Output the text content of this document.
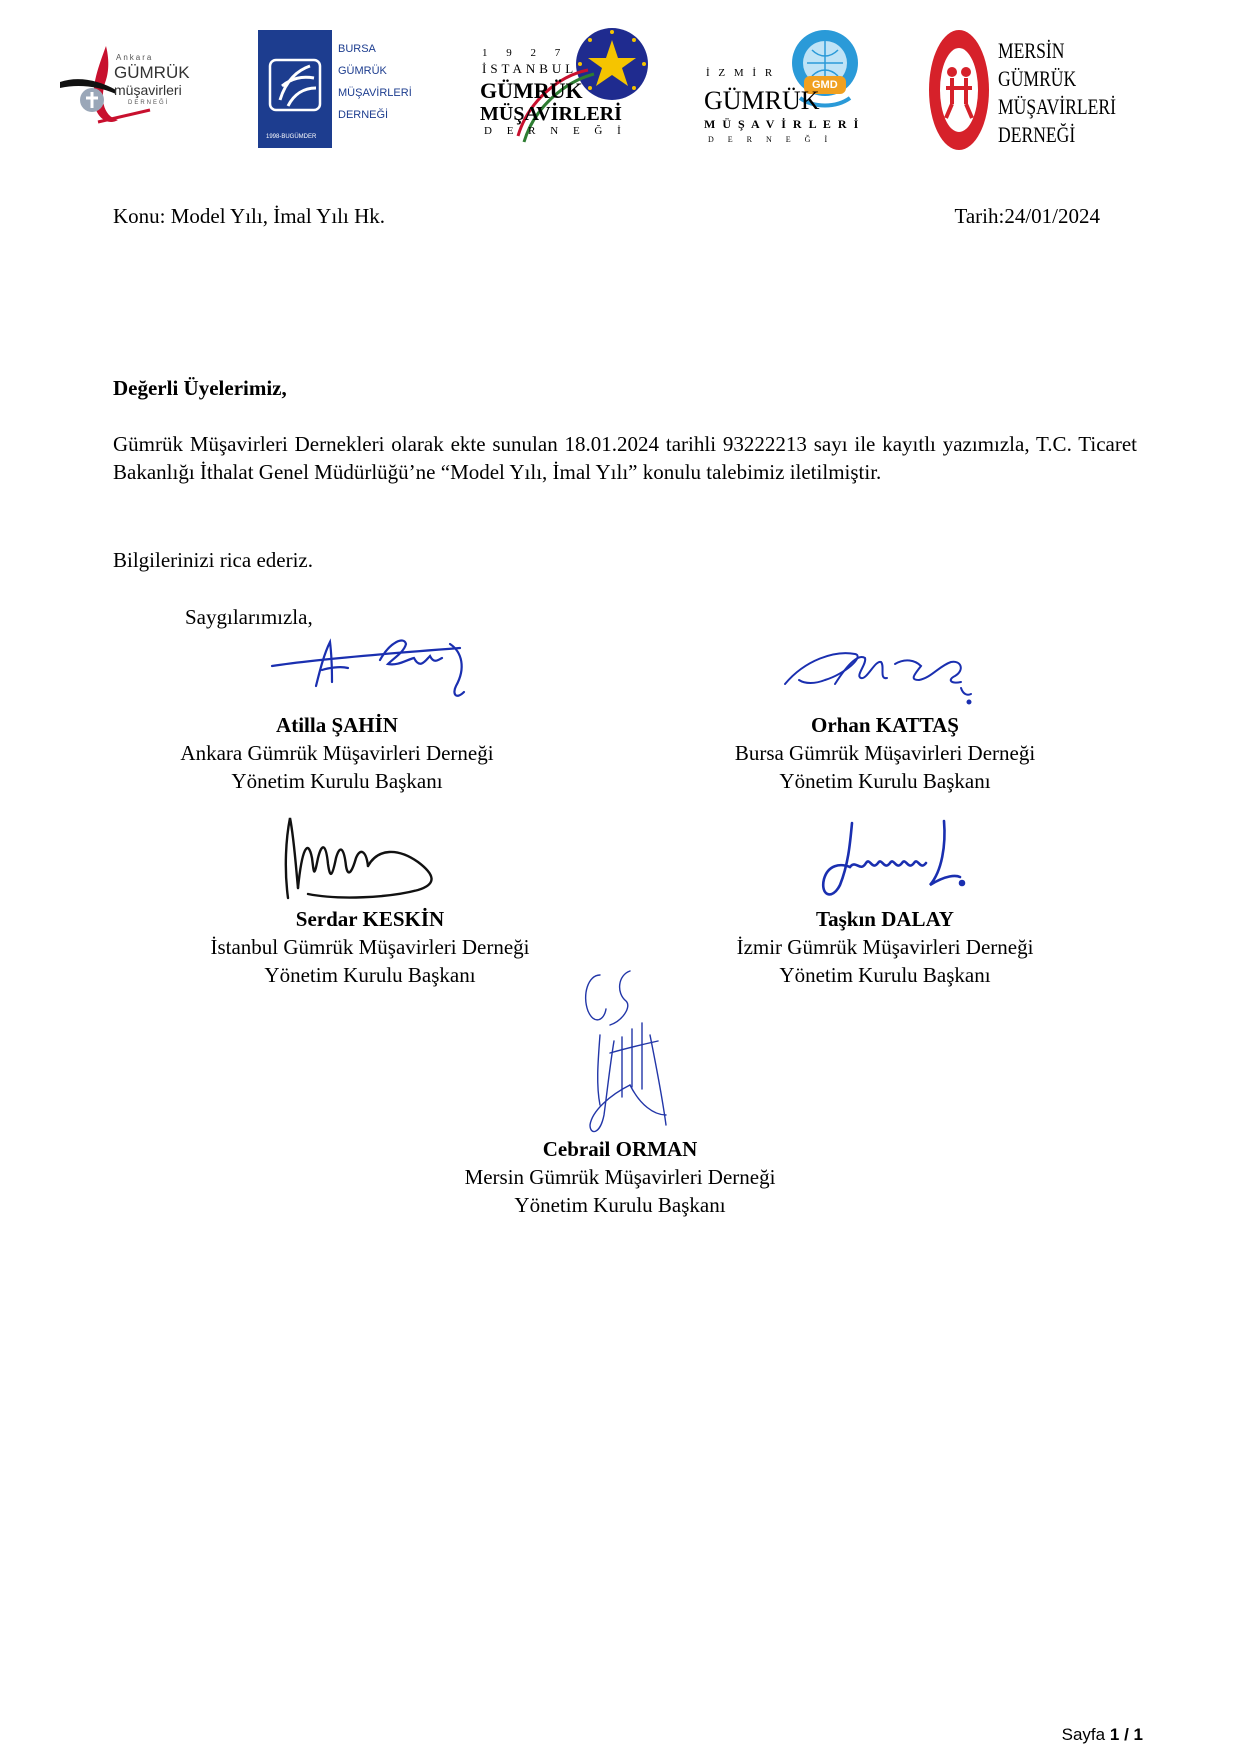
Ankara
GÜMRÜK
müşavirleri
DERNEĞİ
1998-BUGÜMDER
BURSA
GÜMRÜK
MÜŞAVİRLERİ
DERNEĞİ
1 9 2 7
İSTANBUL
GÜMRÜK
MÜŞAVİRLERİ
D E R N E Ğ İ
GMD
İ Z M İ R
GÜMRÜK
M Ü Ş A V İ R L E R İ
D E R N E Ğ İ
MERSİN
GÜMRÜK
MÜŞAVİRLERİ
DERNEĞİ
Konu: Model Yılı, İmal Yılı Hk.	Tarih:24/01/2024
Değerli Üyelerimiz,
Gümrük Müşavirleri Dernekleri olarak ekte sunulan 18.01.2024 tarihli 93222213 sayı ile kayıtlı yazımızla, T.C. Ticaret Bakanlığı İthalat Genel Müdürlüğü’ne “Model Yılı, İmal Yılı” konulu talebimiz iletilmiştir.
Bilgilerinizi rica ederiz.
Saygılarımızla,
Atilla ŞAHİN
Ankara Gümrük Müşavirleri Derneği
Yönetim Kurulu Başkanı
Orhan KATTAŞ
Bursa Gümrük Müşavirleri Derneği
Yönetim Kurulu Başkanı
Serdar KESKİN
İstanbul Gümrük Müşavirleri Derneği
Yönetim Kurulu Başkanı
Taşkın DALAY
İzmir Gümrük Müşavirleri Derneği
Yönetim Kurulu Başkanı
Cebrail ORMAN
Mersin Gümrük Müşavirleri Derneği
Yönetim Kurulu Başkanı
Sayfa 1 / 1
